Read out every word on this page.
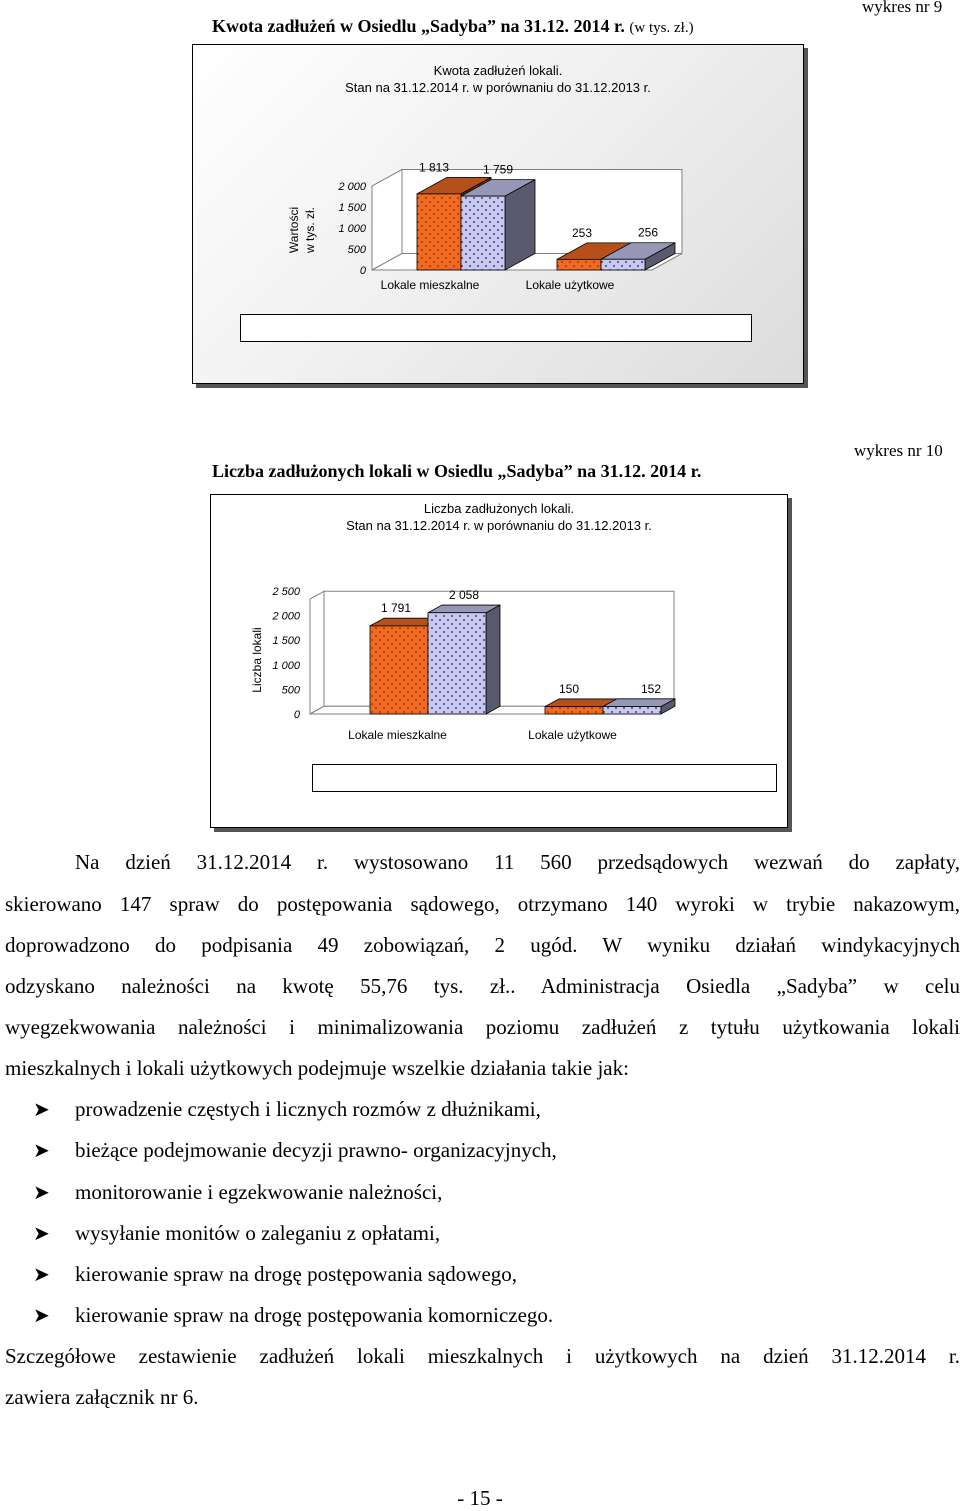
Kwota zadłużeń w Osiedlu „Sadyba” na 31.12. 2014 r. (w tys. zł.)
wykres nr 9
Kwota zadłużeń lokali.
Stan na 31.12.2014 r. w porównaniu do 31.12.2013 r.
2 000
1 500
1 000
500
0
1 813	1 759
Lokale mieszkalne
253	256
Lokale użytkowe
Wartości w tys. zł.
Liczba zadłużonych lokali w Osiedlu „Sadyba” na 31.12. 2014 r.
wykres nr 10
Liczba zadłużonych lokali.
Stan na 31.12.2014 r. w porównaniu do 31.12.2013 r.
2 500
2 000
1 500
1 000
500
0
1 791
2 058
Lokale mieszkalne
150	152
Lokale użytkowe
Liczba lokali
Na dzień 31.12.2014 r. wystosowano 11 560 przedsądowych wezwań do zapłaty,
skierowano 147 spraw do postępowania sądowego, otrzymano 140 wyroki w trybie nakazowym,
doprowadzono do podpisania 49 zobowiązań, 2 ugód. W wyniku działań windykacyjnych
odzyskano należności na kwotę 55,76 tys. zł.. Administracja Osiedla „Sadyba” w celu
wyegzekwowania należności i minimalizowania poziomu zadłużeń z tytułu użytkowania lokali
mieszkalnych i lokali użytkowych podejmuje wszelkie działania takie jak:
➤ prowadzenie częstych i licznych rozmów z dłużnikami,
➤ bieżące podejmowanie decyzji prawno- organizacyjnych,
➤ monitorowanie i egzekwowanie należności,
➤ wysyłanie monitów o zaleganiu z opłatami,
➤ kierowanie spraw na drogę postępowania sądowego,
➤ kierowanie spraw na drogę postępowania komorniczego.
Szczegółowe zestawienie zadłużeń lokali mieszkalnych i użytkowych na dzień 31.12.2014 r.
zawiera załącznik nr 6.
- 15 -
